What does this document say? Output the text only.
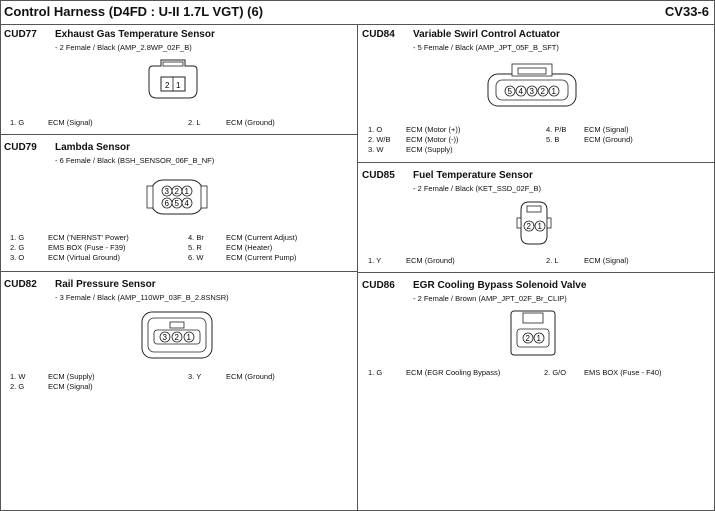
Control Harness (D4FD : U-II 1.7L VGT) (6)	CV33-6
CUD77 Exhaust Gas Temperature Sensor
- 2 Female / Black (AMP_2.8WP_02F_B)
2 1
1. G	ECM (Signal)	2. L	ECM (Ground)
CUD79 Lambda Sensor
- 6 Female / Black (BSH_SENSOR_06F_B_NF)
3 2 1
6 5 4
1. G	ECM ('NERNST' Power)
2. G	EMS BOX (Fuse - F39)
3. O	ECM (Virtual Ground)
4. Br	ECM (Current Adjust)
5. R	ECM (Heater)
6. W	ECM (Current Pump)
CUD82 Rail Pressure Sensor
- 3 Female / Black (AMP_110WP_03F_B_2.8SNSR)
3 2 1
1. W	ECM (Supply)
2. G	ECM (Signal)
3. Y	ECM (Ground)
CUD84 Variable Swirl Control Actuator
- 5 Female / Black (AMP_JPT_05F_B_SFT)
5 4 3 2 1
1. O	ECM (Motor (+))
2. W/B ECM (Motor (-))
3. W	ECM (Supply)
4. P/B ECM (Signal)
5. B	ECM (Ground)
CUD85 Fuel Temperature Sensor
- 2 Female / Black (KET_SSD_02F_B)
2 1
1. Y	ECM (Ground)	2. L	ECM (Signal)
CUD86 EGR Cooling Bypass Solenoid Valve
- 2 Female / Brown (AMP_JPT_02F_Br_CLIP)
2 1
1. G	ECM (EGR Cooling Bypass)	2. G/O EMS BOX (Fuse - F40)
